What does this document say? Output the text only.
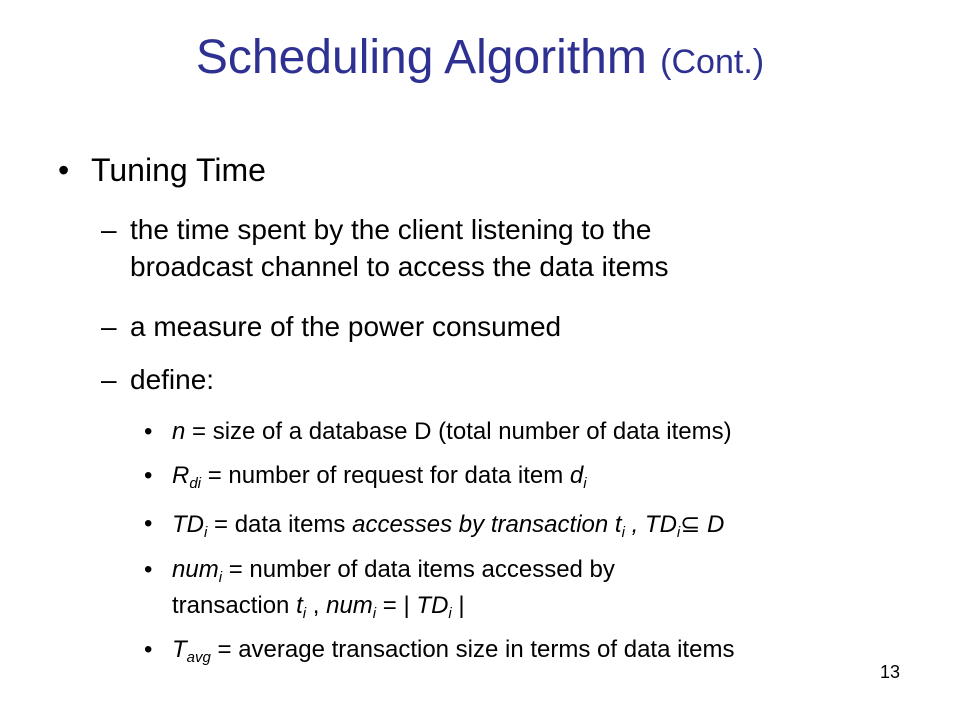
Scheduling Algorithm (Cont.)
• Tuning Time
– the time spent by the client listening to the
broadcast channel to access the data items
– a measure of the power consumed
– define:
• n = size of a database D (total number of data items)
• $R_{di}$ = number of request for data item $d_i$
• $TD_i$ = data items accesses by transaction $t_i$ , $TD_i⊆$ D
• num$_i$ = number of data items accessed by
transaction $t_i$ , num$_i$ = | $TD_i$ |
• $T_{avg}$ = average transaction size in terms of data items
13
